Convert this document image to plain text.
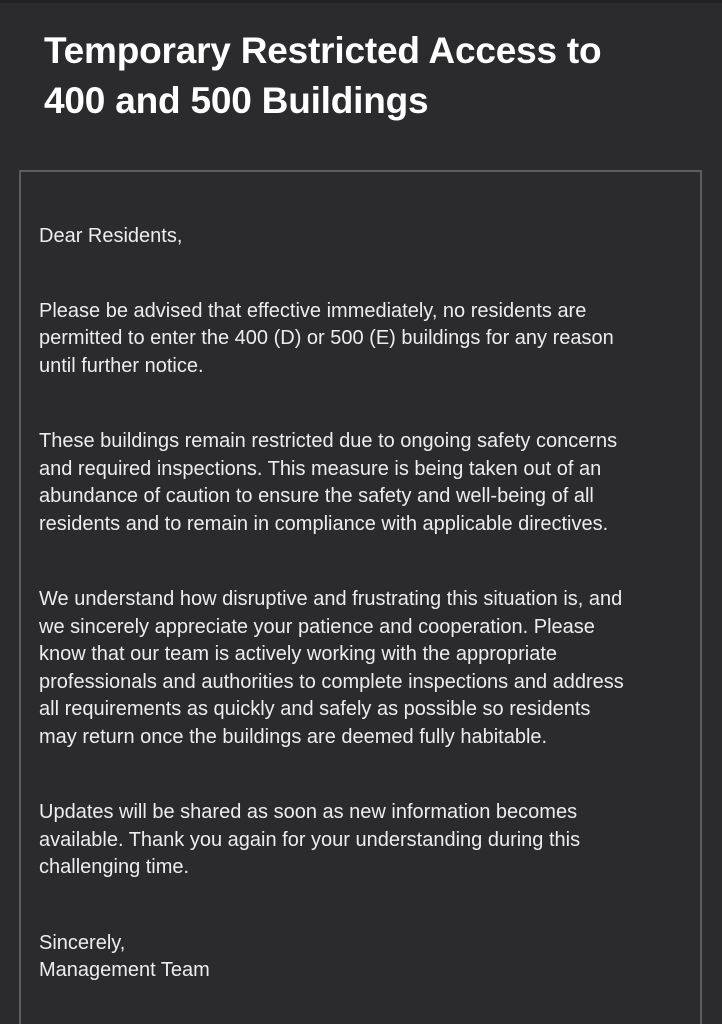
Temporary Restricted Access to
400 and 500 Buildings

Dear Residents,

Please be advised that effective immediately, no residents are
permitted to enter the 400 (D) or 500 (E) buildings for any reason
until further notice.

These buildings remain restricted due to ongoing safety concerns
and required inspections. This measure is being taken out of an
abundance of caution to ensure the safety and well-being of all
residents and to remain in compliance with applicable directives.

We understand how disruptive and frustrating this situation is, and
we sincerely appreciate your patience and cooperation. Please
know that our team is actively working with the appropriate
professionals and authorities to complete inspections and address
all requirements as quickly and safely as possible so residents
may return once the buildings are deemed fully habitable.

Updates will be shared as soon as new information becomes
available. Thank you again for your understanding during this
challenging time.

Sincerely,

Management Team
